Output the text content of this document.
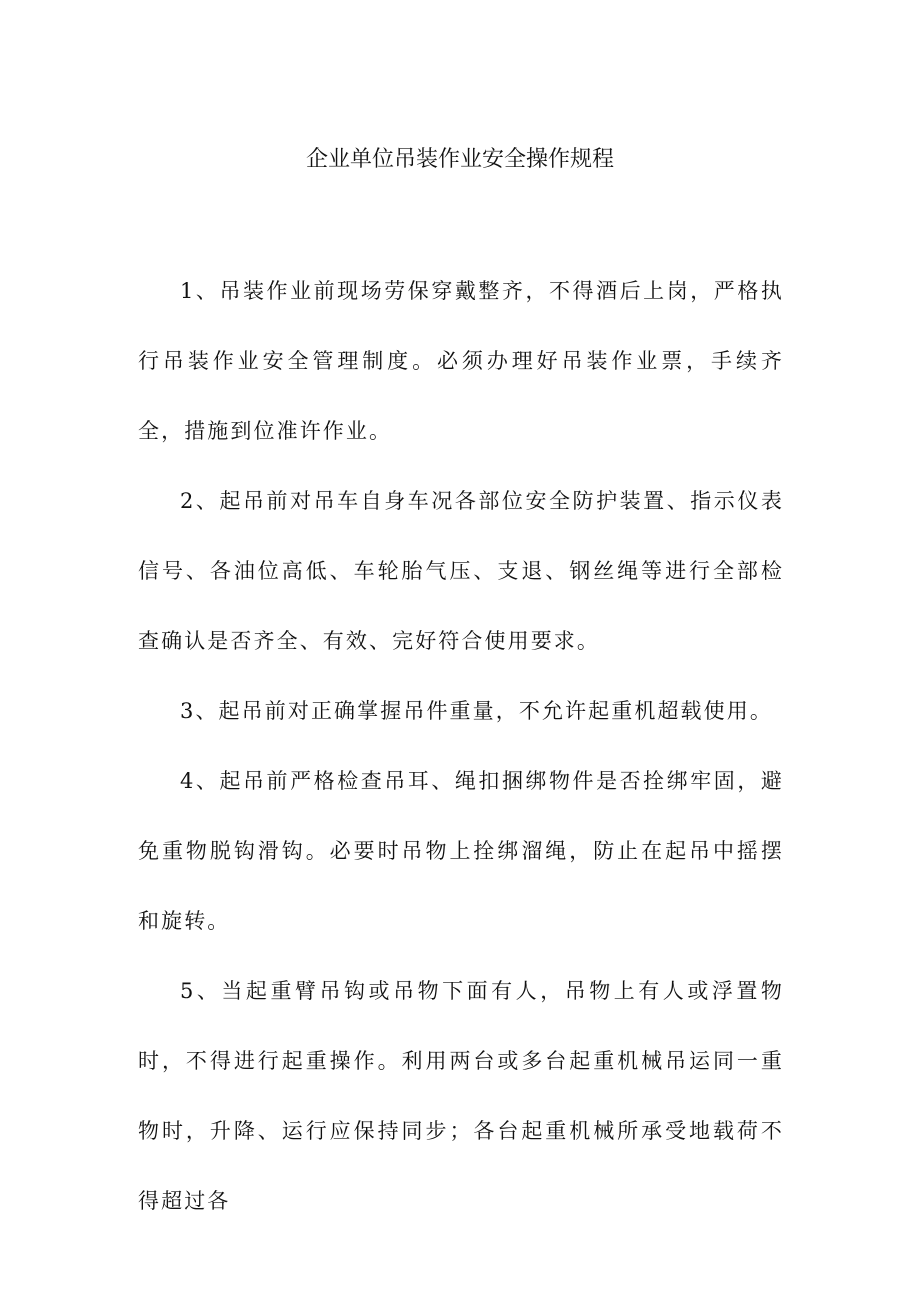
企业单位吊装作业安全操作规程

1、吊装作业前现场劳保穿戴整齐，不得酒后上岗，严格执行吊装作业安全管理制度。必须办理好吊装作业票，手续齐全，措施到位准许作业。

2、起吊前对吊车自身车况各部位安全防护装置、指示仪表信号、各油位高低、车轮胎气压、支退、钢丝绳等进行全部检查确认是否齐全、有效、完好符合使用要求。

3、起吊前对正确掌握吊件重量，不允许起重机超载使用。

4、起吊前严格检查吊耳、绳扣捆绑物件是否拴绑牢固，避免重物脱钩滑钩。必要时吊物上拴绑溜绳，防止在起吊中摇摆和旋转。

5、当起重臂吊钩或吊物下面有人，吊物上有人或浮置物时，不得进行起重操作。利用两台或多台起重机械吊运同一重物时，升降、运行应保持同步；各台起重机械所承受地载荷不得超过各
